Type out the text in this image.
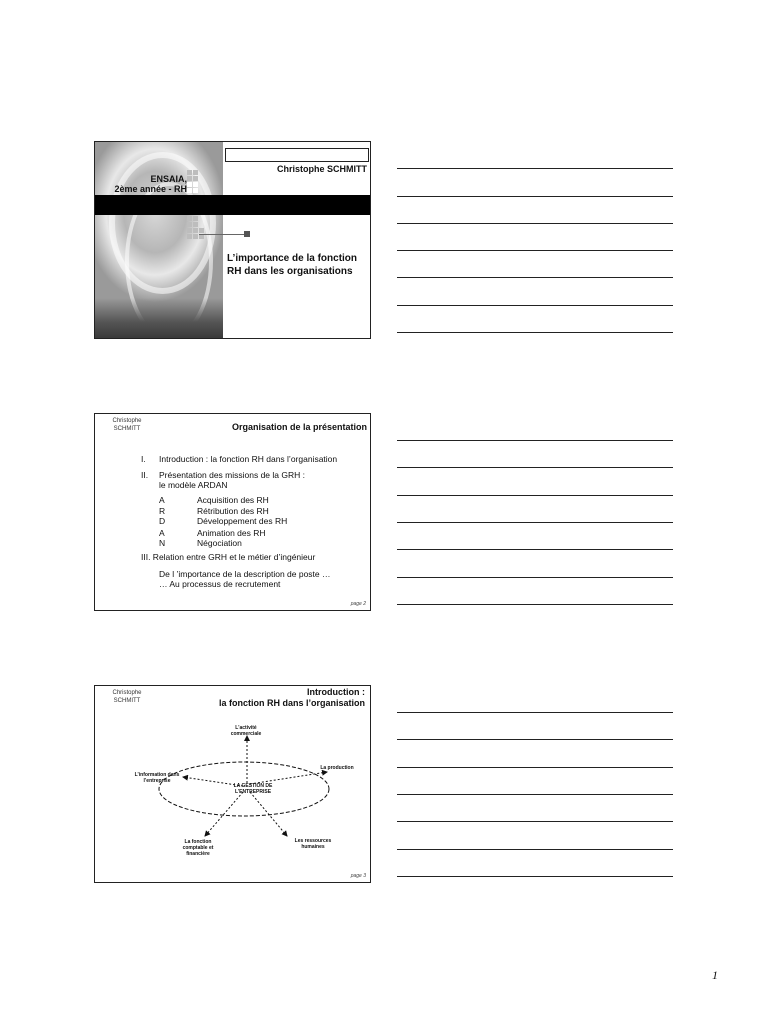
Christophe SCHMITT
ENSAIA,
2ème année - RH
L’importance de la fonction
RH dans les organisations
Christophe
SCHMITT	Organisation de la présentation
I. Introduction : la fonction RH dans l’organisation
II. Présentation des missions de la GRH :
le modèle ARDAN
A	Acquisition des RH
R	Rétribution des RH
D	Développement des RH
A	Animation des RH
N	Négociation
III. Relation entre GRH et le métier d’ingénieur
De l ’importance de la description de poste …
… Au processus de recrutement
page 2
Christophe
SCHMITT
Introduction :
la fonction RH dans l’organisation
LA GESTION DE
L’ENTREPRISE
L’activité
commerciale
L’information dans
l’entreprise
La production
La fonction
comptable et
financière
Les ressources
humaines
page 3
1
